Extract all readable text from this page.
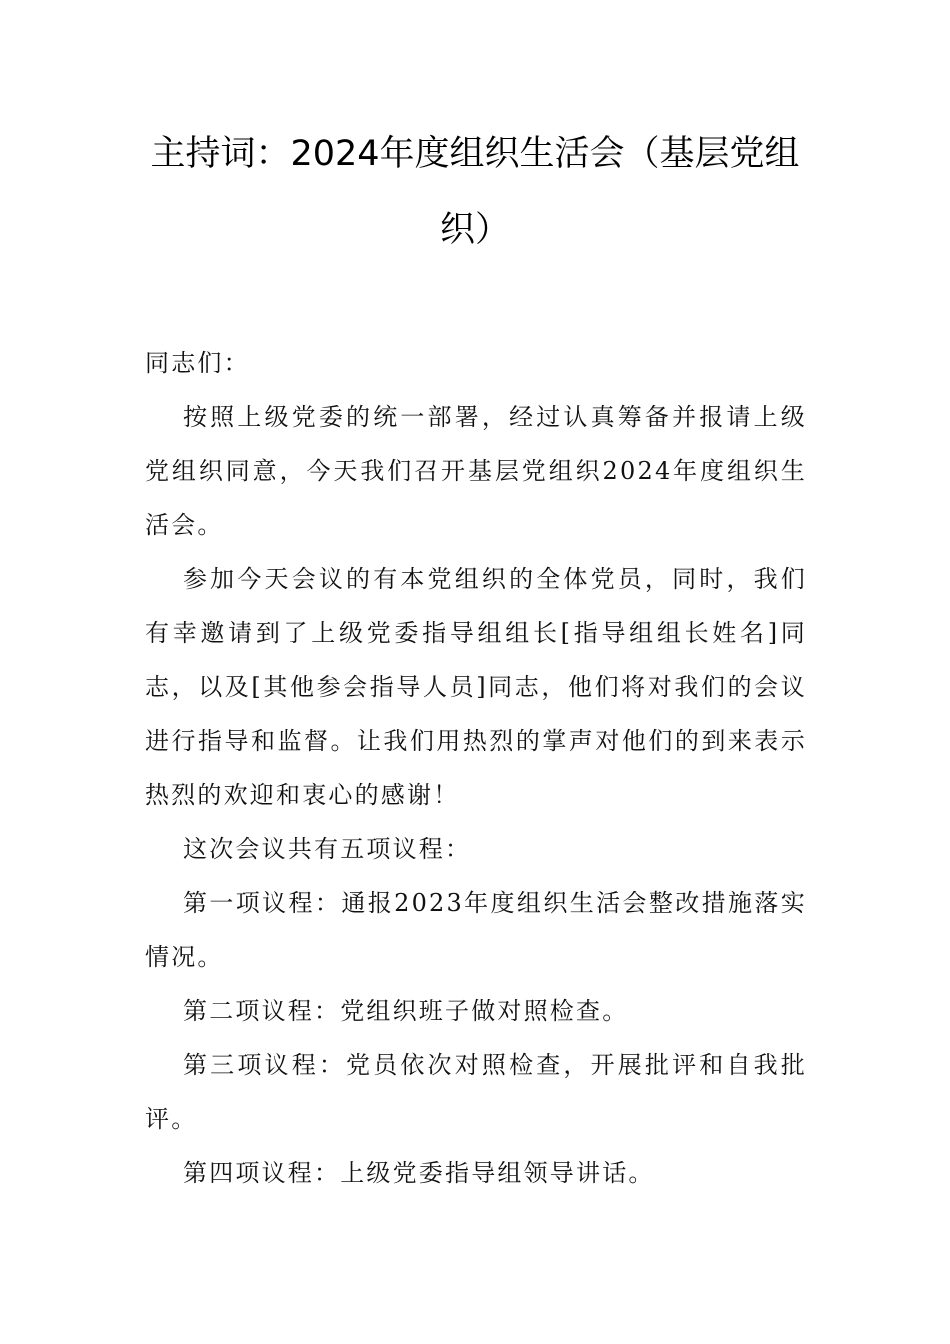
主持词：2024年度组织生活会（基层党组
织）

同志们：

按照上级党委的统一部署，经过认真筹备并报请上级党组织同意，今天我们召开基层党组织2024年度组织生活会。

参加今天会议的有本党组织的全体党员，同时，我们有幸邀请到了上级党委指导组组长[指导组组长姓名]同志，以及[其他参会指导人员]同志，他们将对我们的会议进行指导和监督。让我们用热烈的掌声对他们的到来表示热烈的欢迎和衷心的感谢！

这次会议共有五项议程：

第一项议程：通报2023年度组织生活会整改措施落实情况。

第二项议程：党组织班子做对照检查。

第三项议程：党员依次对照检查，开展批评和自我批评。

第四项议程：上级党委指导组领导讲话。
